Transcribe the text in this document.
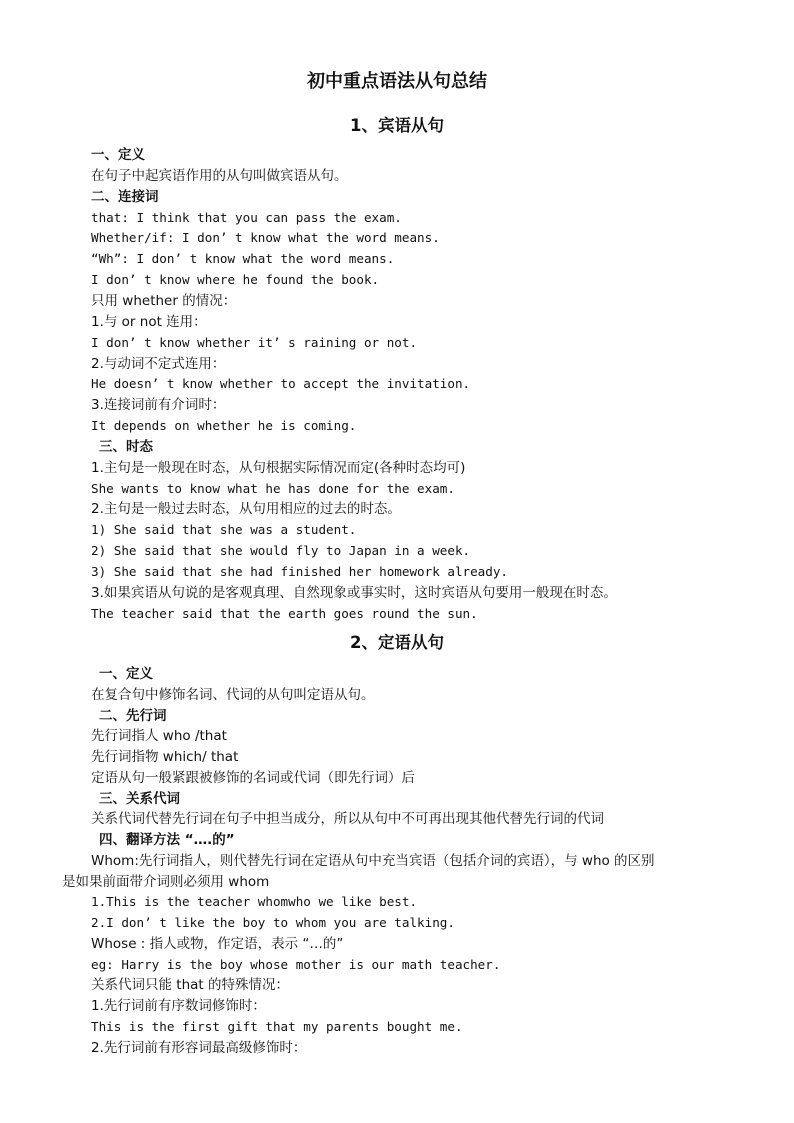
初中重点语法从句总结
1、宾语从句

一、定义

在句子中起宾语作用的从句叫做宾语从句。

二、连接词

that: I think that you can pass the exam.

Whether/if: I don’ t know what the word means.

“Wh”: I don’ t know what the word means.

I don’ t know where he found the book.

只用 whether 的情况：

1.与 or not 连用：

I don’ t know whether it’ s raining or not.

2.与动词不定式连用：

He doesn’ t know whether to accept the invitation.

3.连接词前有介词时：

It depends on whether he is coming.

三、时态

1.主句是一般现在时态，从句根据实际情况而定(各种时态均可)

She wants to know what he has done for the exam.

2.主句是一般过去时态，从句用相应的过去的时态。

1) She said that she was a student.

2) She said that she would fly to Japan in a week.

3) She said that she had finished her homework already.

3.如果宾语从句说的是客观真理、自然现象或事实时，这时宾语从句要用一般现在时态。

The teacher said that the earth goes round the sun.

2、定语从句

一、定义

在复合句中修饰名词、代词的从句叫定语从句。

二、先行词

先行词指人 who /that

先行词指物 which/ that

定语从句一般紧跟被修饰的名词或代词（即先行词）后

三、关系代词

关系代词代替先行词在句子中担当成分，所以从句中不可再出现其他代替先行词的代词

四、翻译方法 “….的”

Whom:先行词指人，则代替先行词在定语从句中充当宾语（包括介词的宾语），与 who 的区别

是如果前面带介词则必须用 whom

1.This is the teacher whomwho we like best.

2.I don’ t like the boy to whom you are talking.

Whose : 指人或物，作定语，表示 “…的”

eg: Harry is the boy whose mother is our math teacher.

关系代词只能 that 的特殊情况：

1.先行词前有序数词修饰时：

This is the first gift that my parents bought me.

2.先行词前有形容词最高级修饰时：
